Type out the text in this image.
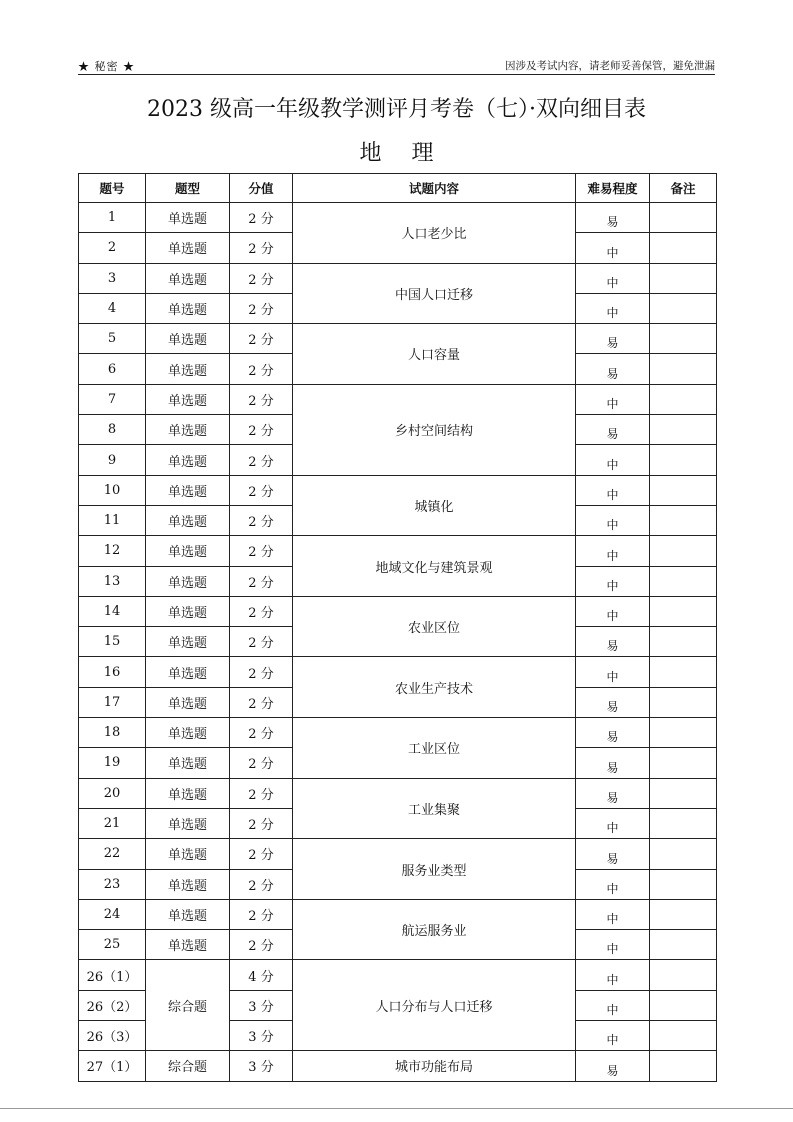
★ 秘密 ★	因涉及考试内容，请老师妥善保管，避免泄漏
2023 级高一年级教学测评月考卷（七）·双向细目表
地理
题号	题型	分值	试题内容	难易程度	备注
1	单选题	2 分	人口老少比	易	
2	单选题	2 分		中	
3	单选题	2 分	中国人口迁移	中	
4	单选题	2 分		中	
5	单选题	2 分	人口容量	易	
6	单选题	2 分		易	
7	单选题	2 分	乡村空间结构	中	
8	单选题	2 分		易	
9	单选题	2 分		中	
10	单选题	2 分	城镇化	中	
11	单选题	2 分		中	
12	单选题	2 分	地域文化与建筑景观	中	
13	单选题	2 分		中	
14	单选题	2 分	农业区位	中	
15	单选题	2 分		易	
16	单选题	2 分	农业生产技术	中	
17	单选题	2 分		易	
18	单选题	2 分	工业区位	易	
19	单选题	2 分		易	
20	单选题	2 分	工业集聚	易	
21	单选题	2 分		中	
22	单选题	2 分	服务业类型	易	
23	单选题	2 分		中	
24	单选题	2 分	航运服务业	中	
25	单选题	2 分		中	
26（1）	综合题	4 分	人口分布与人口迁移	中	
26（2）		3 分		中	
26（3）		3 分		中	
27（1）	综合题	3 分	城市功能布局	易	
